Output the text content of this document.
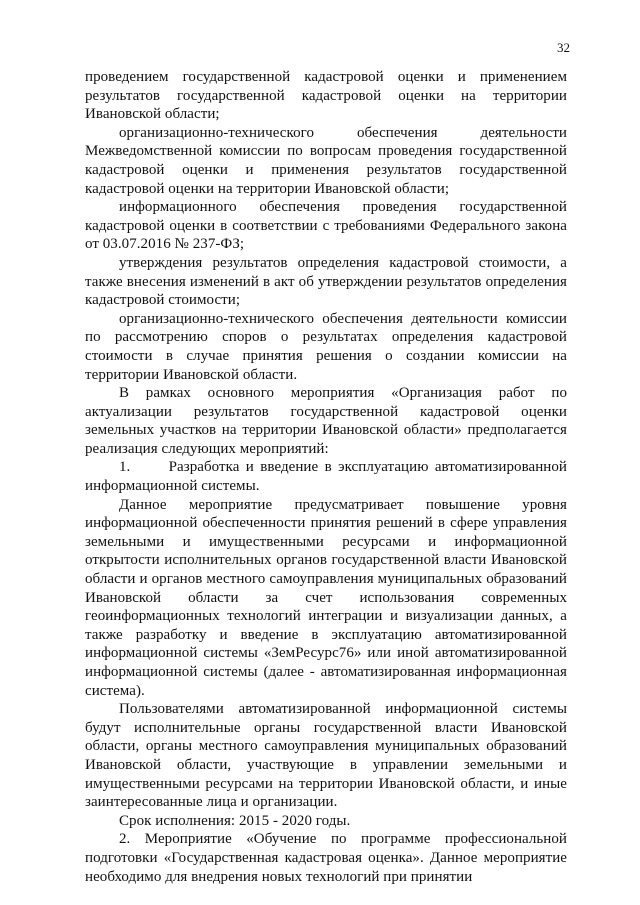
32

проведением государственной кадастровой оценки и применением результатов государственной кадастровой оценки на территории Ивановской области;

организационно-технического обеспечения деятельности Межведомственной комиссии по вопросам проведения государственной кадастровой оценки и применения результатов государственной кадастровой оценки на территории Ивановской области;

информационного обеспечения проведения государственной кадастровой оценки в соответствии с требованиями Федерального закона от 03.07.2016 № 237-ФЗ;

утверждения результатов определения кадастровой стоимости, а также внесения изменений в акт об утверждении результатов определения кадастровой стоимости;

организационно-технического обеспечения деятельности комиссии по рассмотрению споров о результатах определения кадастровой стоимости в случае принятия решения о создании комиссии на территории Ивановской области.

В рамках основного мероприятия «Организация работ по актуализации результатов государственной кадастровой оценки земельных участков на территории Ивановской области» предполагается реализация следующих мероприятий:

1.      Разработка и введение в эксплуатацию автоматизированной информационной системы.

Данное мероприятие предусматривает повышение уровня информационной обеспеченности принятия решений в сфере управления земельными и имущественными ресурсами и информационной открытости исполнительных органов государственной власти Ивановской области и органов местного самоуправления муниципальных образований Ивановской области за счет использования современных геоинформационных технологий интеграции и визуализации данных, а также разработку и введение в эксплуатацию автоматизированной информационной системы «ЗемРесурс76» или иной автоматизированной информационной системы (далее - автоматизированная информационная система).

Пользователями автоматизированной информационной системы будут исполнительные органы государственной власти Ивановской области, органы местного самоуправления муниципальных образований Ивановской области, участвующие в управлении земельными и имущественными ресурсами на территории Ивановской области, и иные заинтересованные лица и организации.

Срок исполнения: 2015 - 2020 годы.

2. Мероприятие «Обучение по программе профессиональной подготовки «Государственная кадастровая оценка». Данное мероприятие необходимо для внедрения новых технологий при принятии
